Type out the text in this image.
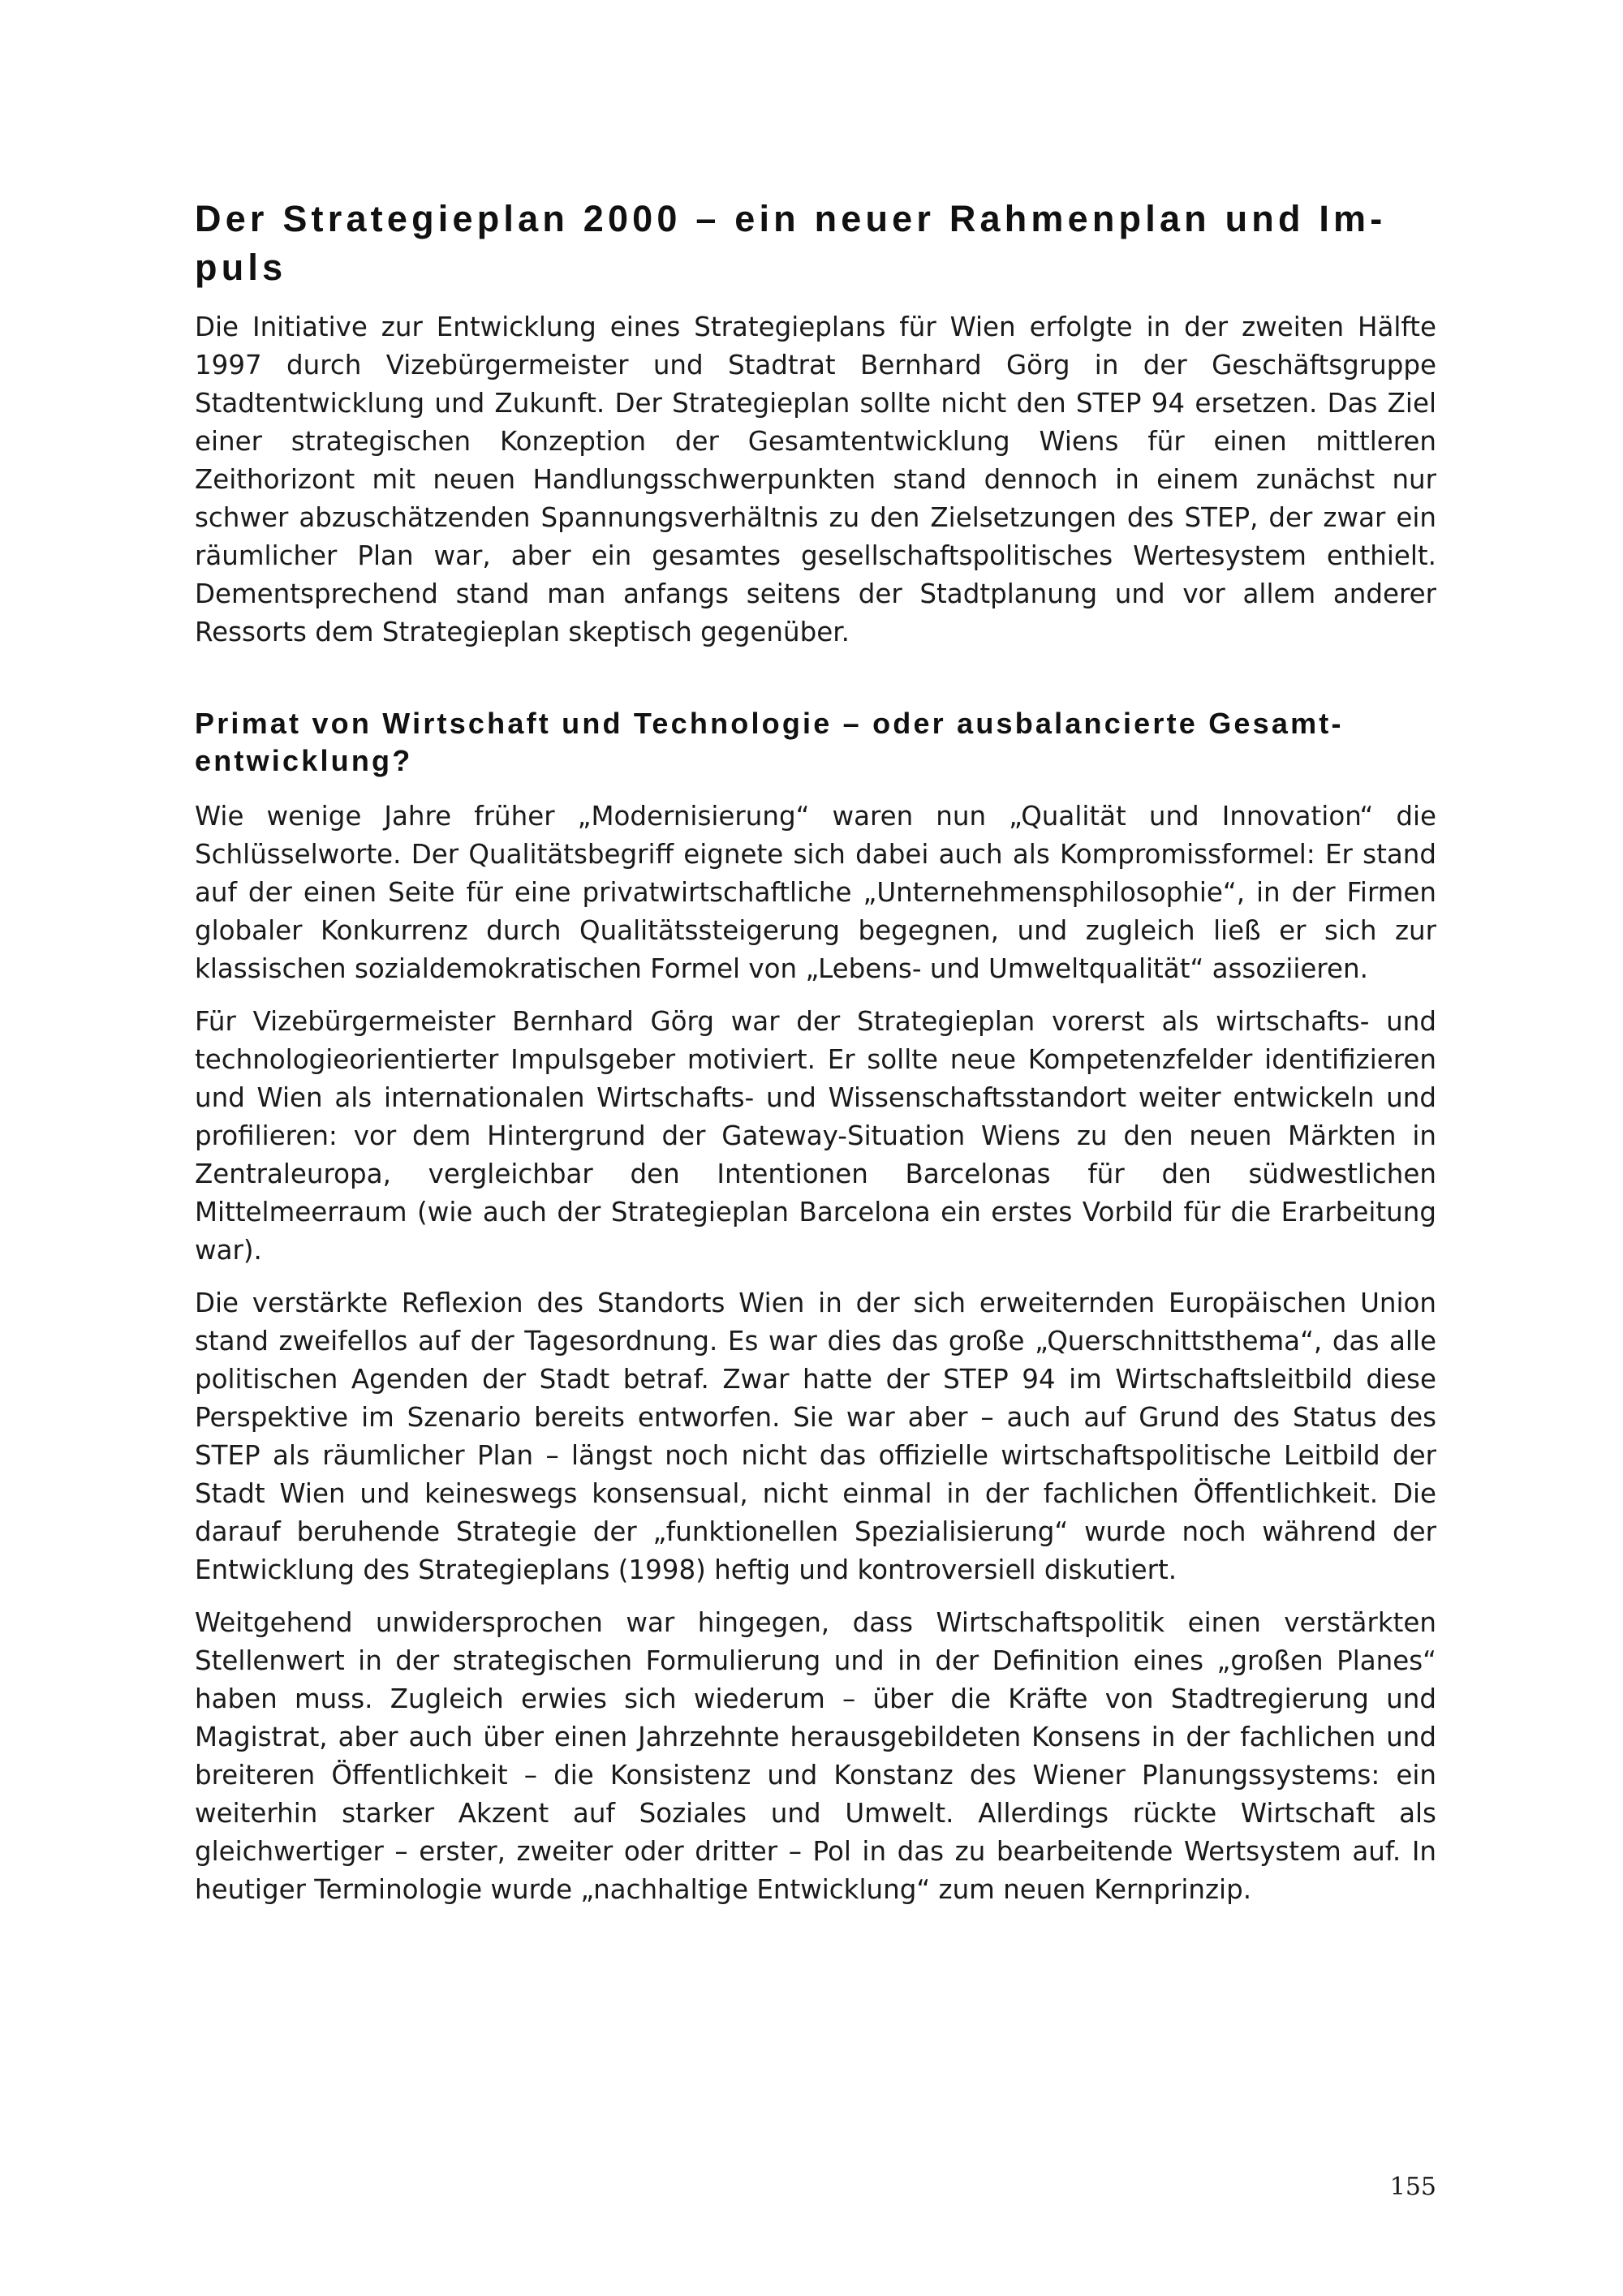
Der Strategieplan 2000 – ein neuer Rahmenplan und Im-puls

Die Initiative zur Entwicklung eines Strategieplans für Wien erfolgte in der zweiten Hälfte 1997 durch Vizebürgermeister und Stadtrat Bernhard Görg in der Geschäftsgruppe Stadtentwicklung und Zukunft. Der Strategieplan sollte nicht den STEP 94 ersetzen. Das Ziel einer strategischen Konzeption der Gesamtentwicklung Wiens für einen mittleren Zeithorizont mit neuen Handlungsschwerpunkten stand dennoch in einem zunächst nur schwer abzuschätzenden Spannungsverhältnis zu den Zielsetzungen des STEP, der zwar ein räumlicher Plan war, aber ein gesamtes gesellschaftspolitisches Wertesystem enthielt. Dementsprechend stand man anfangs seitens der Stadtplanung und vor allem anderer Ressorts dem Strategieplan skeptisch gegenüber.

Primat von Wirtschaft und Technologie – oder ausbalancierte Gesamt-entwicklung?

Wie wenige Jahre früher „Modernisierung“ waren nun „Qualität und Innovation“ die Schlüsselworte. Der Qualitätsbegriff eignete sich dabei auch als Kompromissformel: Er stand auf der einen Seite für eine privatwirtschaftliche „Unternehmensphilosophie“, in der Firmen globaler Konkurrenz durch Qualitätssteigerung begegnen, und zugleich ließ er sich zur klassischen sozialdemokratischen Formel von „Lebens- und Umweltqualität“ assoziieren.

Für Vizebürgermeister Bernhard Görg war der Strategieplan vorerst als wirtschafts- und technologieorientierter Impulsgeber motiviert. Er sollte neue Kompetenzfelder identifizieren und Wien als internationalen Wirtschafts- und Wissenschaftsstandort weiter entwickeln und profilieren: vor dem Hintergrund der Gateway-Situation Wiens zu den neuen Märkten in Zentraleuropa, vergleichbar den Intentionen Barcelonas für den südwestlichen Mittelmeerraum (wie auch der Strategieplan Barcelona ein erstes Vorbild für die Erarbeitung war).

Die verstärkte Reflexion des Standorts Wien in der sich erweiternden Europäischen Union stand zweifellos auf der Tagesordnung. Es war dies das große „Querschnittsthema“, das alle politischen Agenden der Stadt betraf. Zwar hatte der STEP 94 im Wirtschaftsleitbild diese Perspektive im Szenario bereits entworfen. Sie war aber – auch auf Grund des Status des STEP als räumlicher Plan – längst noch nicht das offizielle wirtschaftspolitische Leitbild der Stadt Wien und keineswegs konsensual, nicht einmal in der fachlichen Öffentlichkeit. Die darauf beruhende Strategie der „funktionellen Spezialisierung“ wurde noch während der Entwicklung des Strategieplans (1998) heftig und kontroversiell diskutiert.

Weitgehend unwidersprochen war hingegen, dass Wirtschaftspolitik einen verstärkten Stellenwert in der strategischen Formulierung und in der Definition eines „großen Planes“ haben muss. Zugleich erwies sich wiederum – über die Kräfte von Stadtregierung und Magistrat, aber auch über einen Jahrzehnte herausgebildeten Konsens in der fachlichen und breiteren Öffentlichkeit – die Konsistenz und Konstanz des Wiener Planungssystems: ein weiterhin starker Akzent auf Soziales und Umwelt. Allerdings rückte Wirtschaft als gleichwertiger – erster, zweiter oder dritter – Pol in das zu bearbeitende Wertsystem auf. In heutiger Terminologie wurde „nachhaltige Entwicklung“ zum neuen Kernprinzip.

155
